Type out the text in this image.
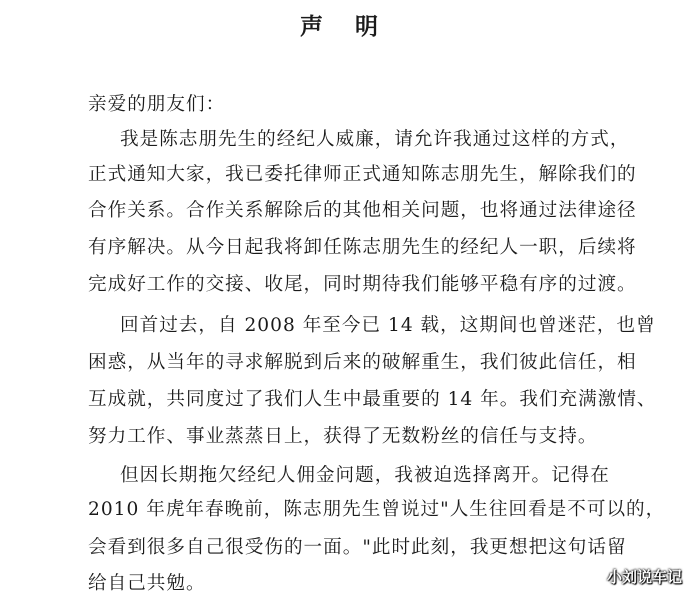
声 明
亲爱的朋友们：
我是陈志朋先生的经纪人威廉，请允许我通过这样的方式，
正式通知大家，我已委托律师正式通知陈志朋先生，解除我们的
合作关系。合作关系解除后的其他相关问题，也将通过法律途径
有序解决。从今日起我将卸任陈志朋先生的经纪人一职，后续将
完成好工作的交接、收尾，同时期待我们能够平稳有序的过渡。
回首过去，自 2008 年至今已 14 载，这期间也曾迷茫，也曾
困惑，从当年的寻求解脱到后来的破解重生，我们彼此信任，相
互成就，共同度过了我们人生中最重要的 14 年。我们充满激情、
努力工作、事业蒸蒸日上，获得了无数粉丝的信任与支持。
但因长期拖欠经纪人佣金问题，我被迫选择离开。记得在
2010 年虎年春晚前，陈志朋先生曾说过"人生往回看是不可以的，
会看到很多自己很受伤的一面。"此时此刻，我更想把这句话留
给自己共勉。	小刘说车记
